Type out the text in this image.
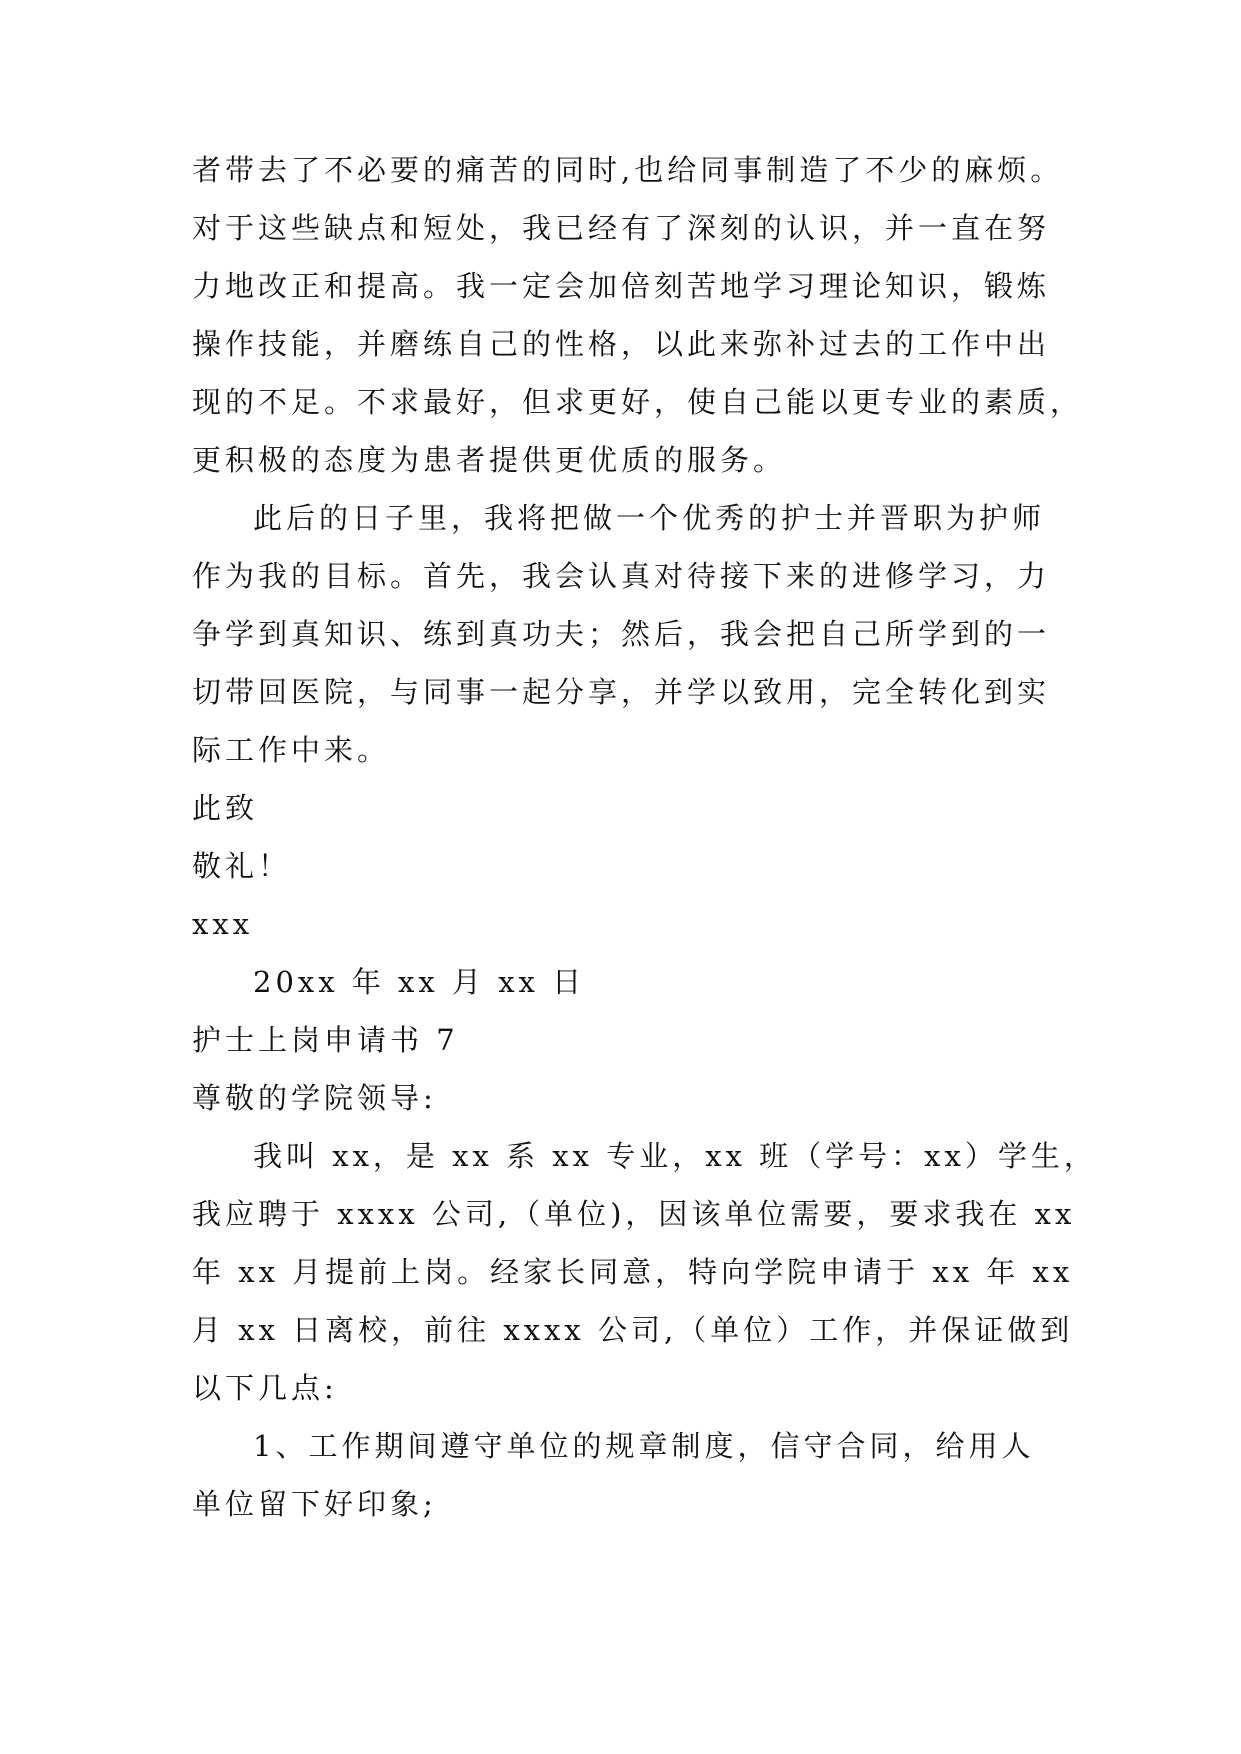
者带去了不必要的痛苦的同时,也给同事制造了不少的麻烦。
对于这些缺点和短处，我已经有了深刻的认识，并一直在努
力地改正和提高。我一定会加倍刻苦地学习理论知识，锻炼
操作技能，并磨练自己的性格，以此来弥补过去的工作中出
现的不足。不求最好，但求更好，使自己能以更专业的素质，
更积极的态度为患者提供更优质的服务。
此后的日子里，我将把做一个优秀的护士并晋职为护师
作为我的目标。首先，我会认真对待接下来的进修学习，力
争学到真知识、练到真功夫；然后，我会把自己所学到的一
切带回医院，与同事一起分享，并学以致用，完全转化到实
际工作中来。
此致
敬礼！
xxx
20xx 年 xx 月 xx 日
护士上岗申请书 7
尊敬的学院领导:
我叫 xx，是 xx 系 xx 专业，xx 班（学号：xx）学生，
我应聘于 xxxx 公司,（单位)，因该单位需要，要求我在 xx
年 xx 月提前上岗。经家长同意，特向学院申请于 xx 年 xx
月 xx 日离校，前往 xxxx 公司,（单位）工作，并保证做到
以下几点:
1、工作期间遵守单位的规章制度，信守合同，给用人
单位留下好印象;
